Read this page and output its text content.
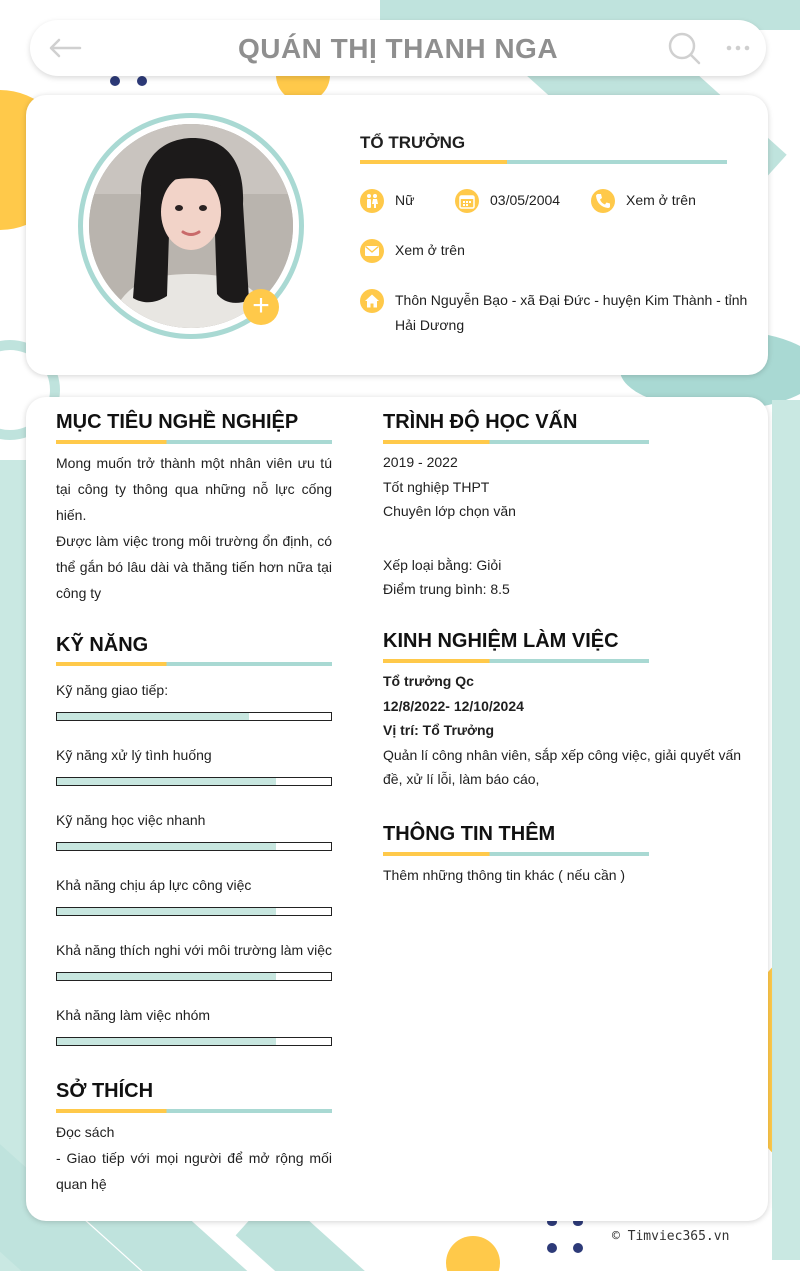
QUÁN THỊ THANH NGA
+
TỔ TRƯỞNG
Nữ	03/05/2004	Xem ở trên
Xem ở trên
Thôn Nguyễn Bạo - xã Đại Đức - huyện Kim Thành - tỉnh Hải Dương
MỤC TIÊU NGHỀ NGHIỆP
Mong muốn trở thành một nhân viên ưu tú tại công ty thông qua những nỗ lực cống hiến.
Được làm việc trong môi trường ổn định, có thể gắn bó lâu dài và thăng tiến hơn nữa tại công ty
KỸ NĂNG
Kỹ năng giao tiếp:
Kỹ năng xử lý tình huống
Kỹ năng học việc nhanh
Khả năng chịu áp lực công việc
Khả năng thích nghi với môi trường làm việc
Khả năng làm việc nhóm
SỞ THÍCH
Đọc sách
- Giao tiếp với mọi người để mở rộng mối quan hệ
TRÌNH ĐỘ HỌC VẤN
2019 - 2022
Tốt nghiệp THPT
Chuyên lớp chọn văn
Xếp loại bằng: Giỏi
Điểm trung bình: 8.5
KINH NGHIỆM LÀM VIỆC
Tổ trưởng Qc
12/8/2022- 12/10/2024
Vị trí: Tổ Trưởng
Quản lí công nhân viên, sắp xếp công việc, giải quyết vấn đề, xử lí lỗi, làm báo cáo,
THÔNG TIN THÊM
Thêm những thông tin khác ( nếu cần )
© Timviec365.vn
